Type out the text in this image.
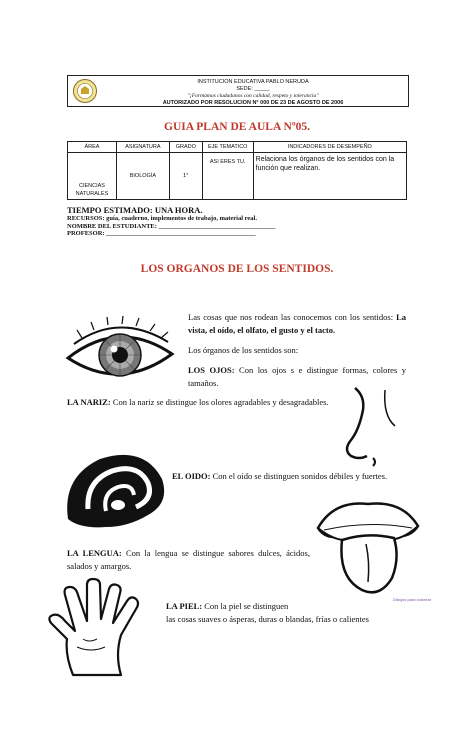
INSTITUCION EDUCATIVA PABLO NERUDA
SEDE: _____
"¡Formamos ciudadanos con calidad, respeto y tolerancia"
AUTORIZADO POR RESOLUCION N° 000 DE 23 DE AGOSTO DE 2006
GUIA PLAN DE AULA Nº05.
ÁREA	ASIGNATURA	GRADO	EJE TEMATICO	INDICADORES DE DESEMPEÑO
CIENCIAS NATURALES	BIOLOGÍA	1°	ASI ERES TU.	Relaciona los órganos de los sentidos con la función que realizan.
TIEMPO ESTIMADO: UNA HORA.
RECURSOS: guía, cuaderno, implementos de trabajo, material real.
NOMBRE DEL ESTUDIANTE: ____________________________________
PROFESOR: ______________________________________________
LOS ORGANOS DE LOS SENTIDOS.
Las cosas que nos rodean las conocemos con los sentidos: La vista, el oído, el olfato, el gusto y el tacto.
Los órganos de los sentidos son:
LOS OJOS: Con los ojos s e distingue formas, colores y tamaños.
LA NARIZ: Con la nariz se distingue los olores agradables y desagradables.
EL OIDO: Con el oído se distinguen sonidos débiles y fuertes.
Dibujos para colorear
LA LENGUA: Con la lengua se distingue sabores dulces, ácidos, salados y amargos.
LA PIEL: Con la piel se distinguen
las cosas suaves o ásperas, duras o blandas, frías o calientes
